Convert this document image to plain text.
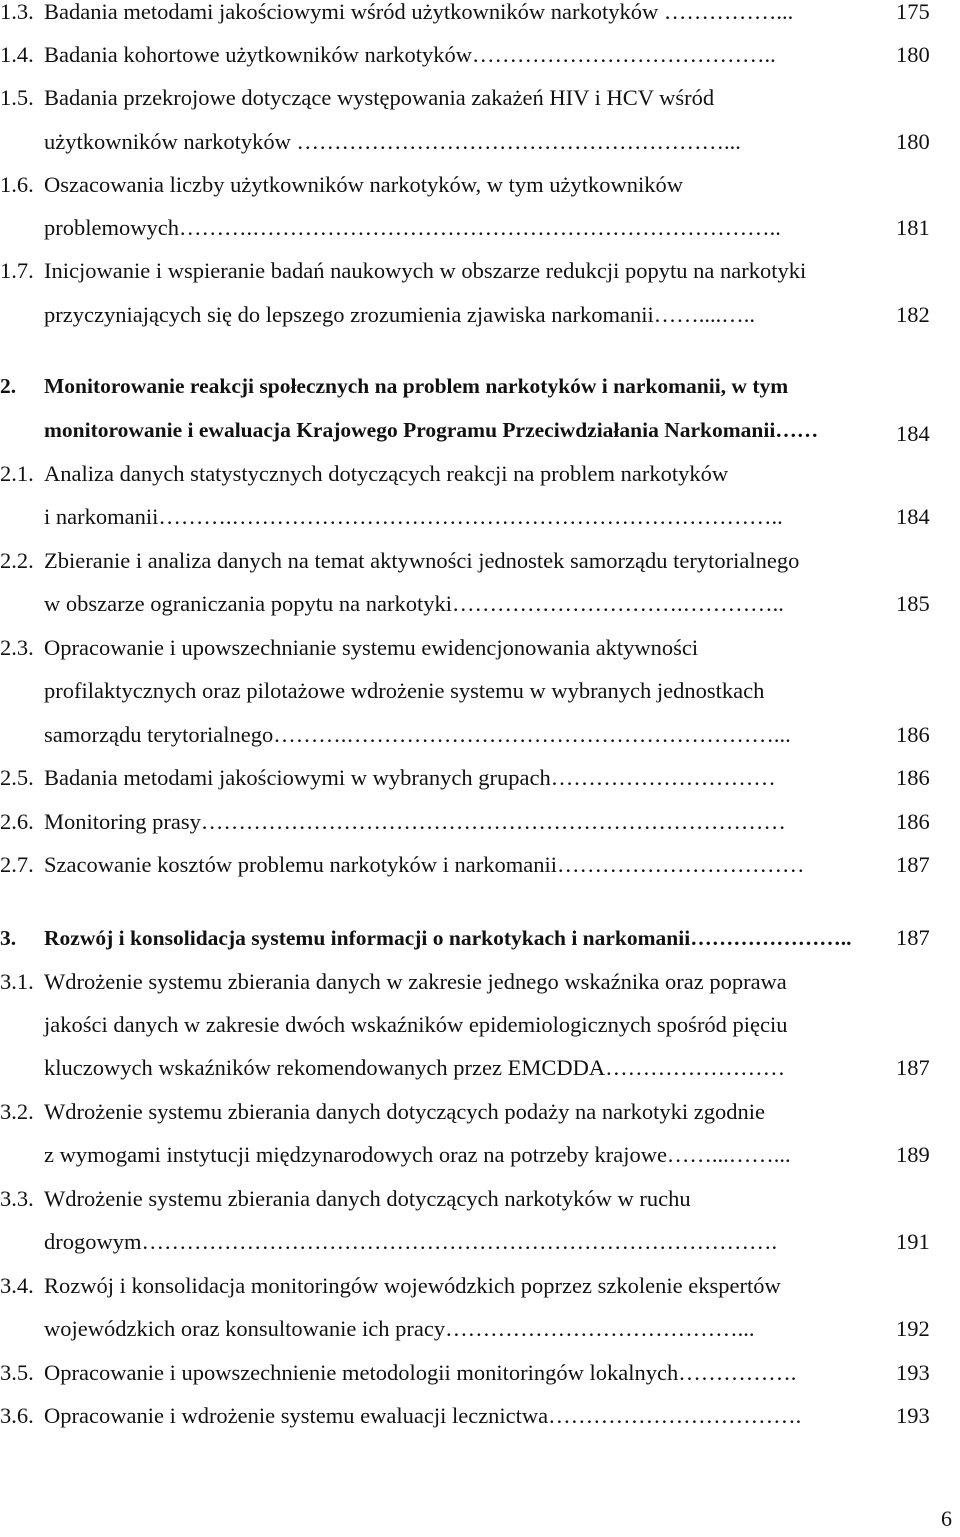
1.3. Badania metodami jakościowymi wśród użytkowników narkotyków ……………...	175
1.4. Badania kohortowe użytkowników narkotyków…………………………………..	180
1.5. Badania przekrojowe dotyczące występowania zakażeń HIV i HCV wśród
użytkowników narkotyków …………………………………………………...	180
1.6. Oszacowania liczby użytkowników narkotyków, w tym użytkowników
problemowych……….……………………………………………………………..	181
1.7. Inicjowanie i wspieranie badań naukowych w obszarze redukcji popytu na narkotyki
przyczyniających się do lepszego zrozumienia zjawiska narkomanii……....…..	182
2. Monitorowanie reakcji społecznych na problem narkotyków i narkomanii, w tym
monitorowanie i ewaluacja Krajowego Programu Przeciwdziałania Narkomanii……	184
2.1. Analiza danych statystycznych dotyczących reakcji na problem narkotyków
i narkomanii……….………………………………………………………………..	184
2.2. Zbieranie i analiza danych na temat aktywności jednostek samorządu terytorialnego
w obszarze ograniczania popytu na narkotyki………………………….…………..	185
2.3. Opracowanie i upowszechnianie systemu ewidencjonowania aktywności
profilaktycznych oraz pilotażowe wdrożenie systemu w wybranych jednostkach
samorządu terytorialnego……….…………………………………………………...	186
2.5. Badania metodami jakościowymi w wybranych grupach…………………………	186
2.6. Monitoring prasy……………………………………………………………………	186
2.7. Szacowanie kosztów problemu narkotyków i narkomanii……………………………	187
3. Rozwój i konsolidacja systemu informacji o narkotykach i narkomanii………………….. 187
3.1. Wdrożenie systemu zbierania danych w zakresie jednego wskaźnika oraz poprawa
jakości danych w zakresie dwóch wskaźników epidemiologicznych spośród pięciu
kluczowych wskaźników rekomendowanych przez EMCDDA……………………	187
3.2. Wdrożenie systemu zbierania danych dotyczących podaży na narkotyki zgodnie
z wymogami instytucji międzynarodowych oraz na potrzeby krajowe……...……...	189
3.3. Wdrożenie systemu zbierania danych dotyczących narkotyków w ruchu
drogowym………………………………………………………………………….	191
3.4. Rozwój i konsolidacja monitoringów wojewódzkich poprzez szkolenie ekspertów
wojewódzkich oraz konsultowanie ich pracy…………………………………...	192
3.5. Opracowanie i upowszechnienie metodologii monitoringów lokalnych…………….	193
3.6. Opracowanie i wdrożenie systemu ewaluacji lecznictwa…………………………….	193
6
